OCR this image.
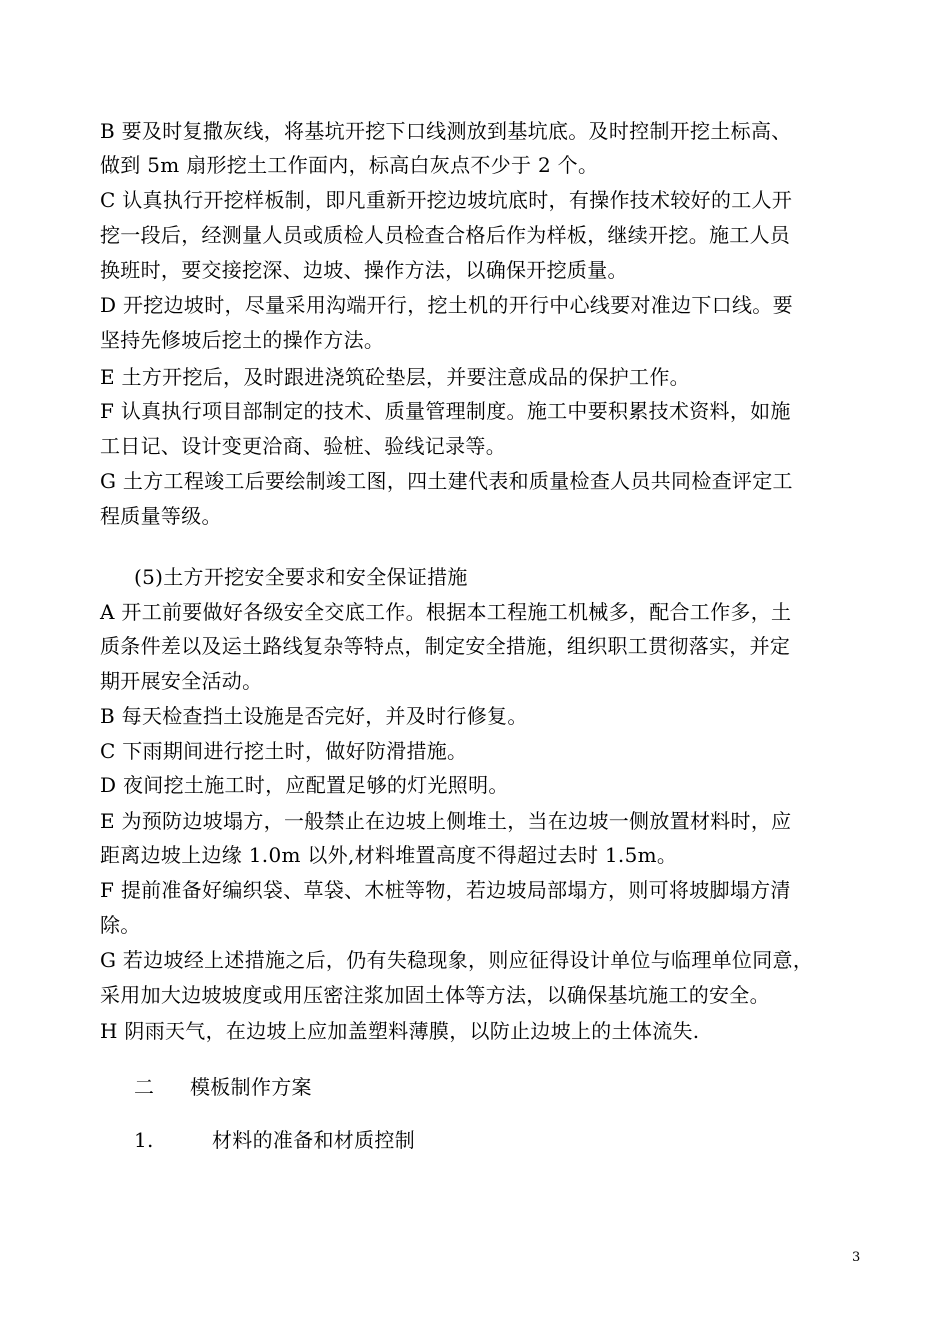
B 要及时复撒灰线，将基坑开挖下口线测放到基坑底。及时控制开挖土标高、
做到 5m 扇形挖土工作面内，标高白灰点不少于 2 个。
C 认真执行开挖样板制，即凡重新开挖边坡坑底时，有操作技术较好的工人开
挖一段后，经测量人员或质检人员检查合格后作为样板，继续开挖。施工人员
换班时，要交接挖深、边坡、操作方法，以确保开挖质量。
D 开挖边坡时，尽量采用沟端开行，挖土机的开行中心线要对准边下口线。要
坚持先修坡后挖土的操作方法。
E 土方开挖后，及时跟进浇筑砼垫层，并要注意成品的保护工作。
F 认真执行项目部制定的技术、质量管理制度。施工中要积累技术资料，如施
工日记、设计变更洽商、验桩、验线记录等。
G 土方工程竣工后要绘制竣工图，四土建代表和质量检查人员共同检查评定工
程质量等级。
(5)土方开挖安全要求和安全保证措施
A 开工前要做好各级安全交底工作。根据本工程施工机械多，配合工作多，土
质条件差以及运土路线复杂等特点，制定安全措施，组织职工贯彻落实，并定
期开展安全活动。
B 每天检查挡土设施是否完好，并及时行修复。
C 下雨期间进行挖土时，做好防滑措施。
D 夜间挖土施工时，应配置足够的灯光照明。
E 为预防边坡塌方，一般禁止在边坡上侧堆土，当在边坡一侧放置材料时，应
距离边坡上边缘 1.0m 以外,材料堆置高度不得超过去时 1.5m。
F 提前准备好编织袋、草袋、木桩等物，若边坡局部塌方，则可将坡脚塌方清
除。
G 若边坡经上述措施之后，仍有失稳现象，则应征得设计单位与临理单位同意，
采用加大边坡坡度或用压密注浆加固土体等方法，以确保基坑施工的安全。
H 阴雨天气，在边坡上应加盖塑料薄膜，以防止边坡上的土体流失.
二 模板制作方案
1.	材料的准备和材质控制
3
